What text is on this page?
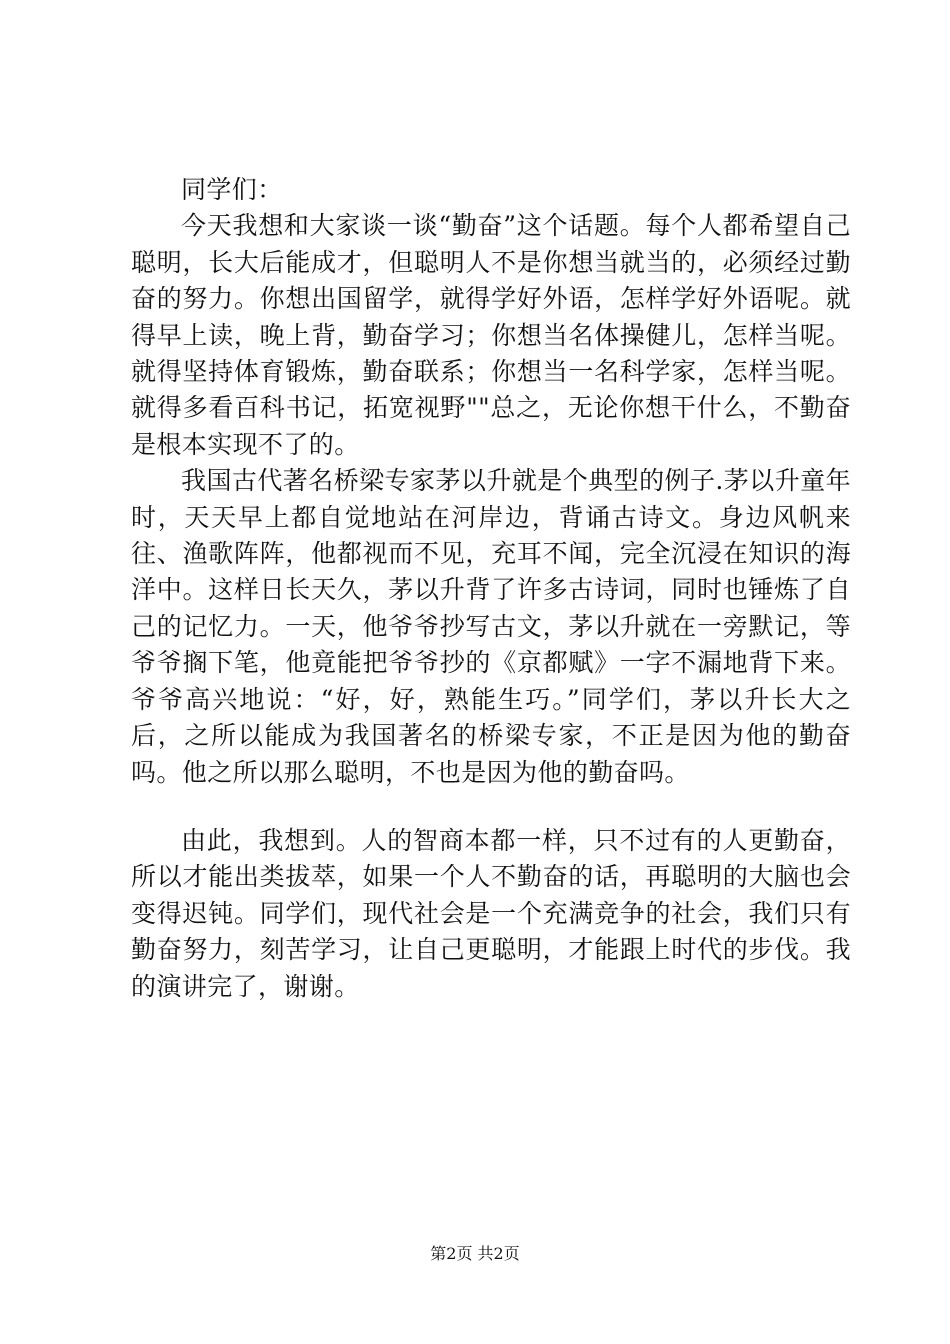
同学们：

今天我想和大家谈一谈“勤奋”这个话题。每个人都希望自己聪明，长大后能成才，但聪明人不是你想当就当的，必须经过勤奋的努力。你想出国留学，就得学好外语，怎样学好外语呢。就得早上读，晚上背，勤奋学习；你想当名体操健儿，怎样当呢。就得坚持体育锻炼，勤奋联系；你想当一名科学家，怎样当呢。就得多看百科书记，拓宽视野""总之，无论你想干什么，不勤奋是根本实现不了的。

我国古代著名桥梁专家茅以升就是个典型的例子.茅以升童年时，天天早上都自觉地站在河岸边，背诵古诗文。身边风帆来往、渔歌阵阵，他都视而不见，充耳不闻，完全沉浸在知识的海洋中。这样日长天久，茅以升背了许多古诗词，同时也锤炼了自己的记忆力。一天，他爷爷抄写古文，茅以升就在一旁默记，等爷爷搁下笔，他竟能把爷爷抄的《京都赋》一字不漏地背下来。爷爷高兴地说：“好，好，熟能生巧。”同学们，茅以升长大之后，之所以能成为我国著名的桥梁专家，不正是因为他的勤奋吗。他之所以那么聪明，不也是因为他的勤奋吗。

由此，我想到。人的智商本都一样，只不过有的人更勤奋，所以才能出类拔萃，如果一个人不勤奋的话，再聪明的大脑也会变得迟钝。同学们，现代社会是一个充满竞争的社会，我们只有勤奋努力，刻苦学习，让自己更聪明，才能跟上时代的步伐。我的演讲完了，谢谢。

第2页 共2页
